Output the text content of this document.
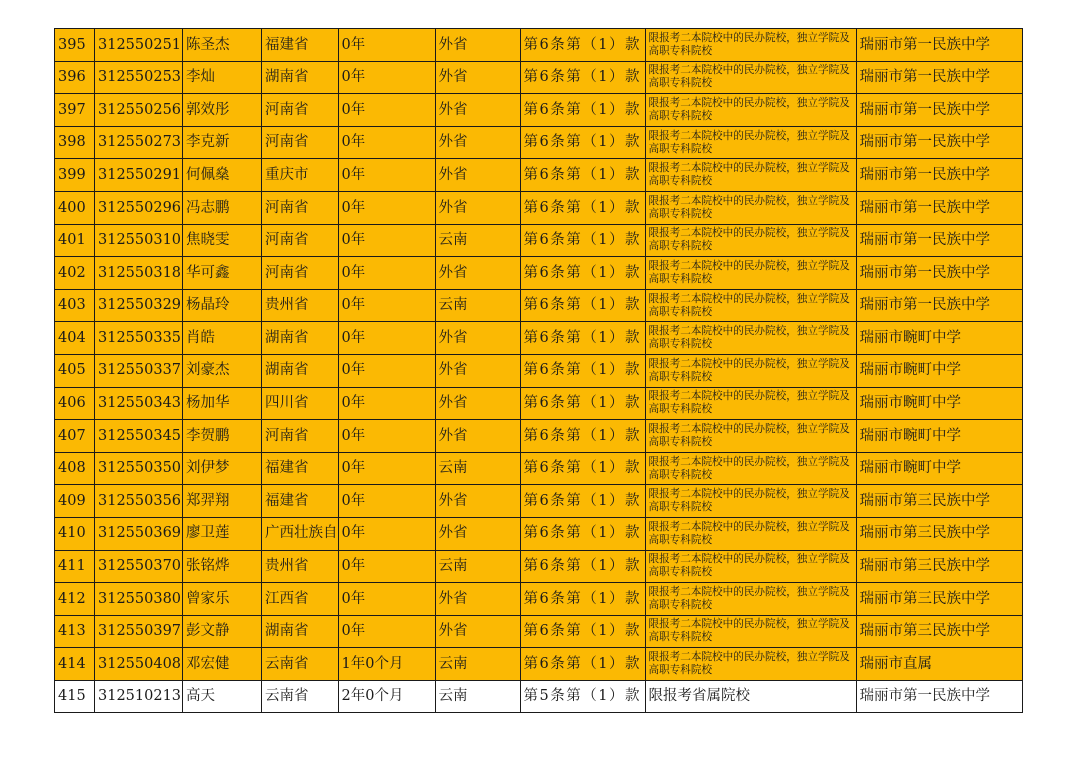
395	312550251	陈圣杰	福建省	0年	外省	第6条第（1）款	限报考二本院校中的民办院校，独立学院及高职专科院校	瑞丽市第一民族中学
396	312550253	李灿	湖南省	0年	外省	第6条第（1）款	限报考二本院校中的民办院校，独立学院及高职专科院校	瑞丽市第一民族中学
397	312550256	郭效彤	河南省	0年	外省	第6条第（1）款	限报考二本院校中的民办院校，独立学院及高职专科院校	瑞丽市第一民族中学
398	312550273	李克新	河南省	0年	外省	第6条第（1）款	限报考二本院校中的民办院校，独立学院及高职专科院校	瑞丽市第一民族中学
399	312550291	何佩燊	重庆市	0年	外省	第6条第（1）款	限报考二本院校中的民办院校，独立学院及高职专科院校	瑞丽市第一民族中学
400	312550296	冯志鹏	河南省	0年	外省	第6条第（1）款	限报考二本院校中的民办院校，独立学院及高职专科院校	瑞丽市第一民族中学
401	312550310	焦晓雯	河南省	0年	云南	第6条第（1）款	限报考二本院校中的民办院校，独立学院及高职专科院校	瑞丽市第一民族中学
402	312550318	华可鑫	河南省	0年	外省	第6条第（1）款	限报考二本院校中的民办院校，独立学院及高职专科院校	瑞丽市第一民族中学
403	312550329	杨晶玲	贵州省	0年	云南	第6条第（1）款	限报考二本院校中的民办院校，独立学院及高职专科院校	瑞丽市第一民族中学
404	312550335	肖皓	湖南省	0年	外省	第6条第（1）款	限报考二本院校中的民办院校，独立学院及高职专科院校	瑞丽市畹町中学
405	312550337	刘豪杰	湖南省	0年	外省	第6条第（1）款	限报考二本院校中的民办院校，独立学院及高职专科院校	瑞丽市畹町中学
406	312550343	杨加华	四川省	0年	外省	第6条第（1）款	限报考二本院校中的民办院校，独立学院及高职专科院校	瑞丽市畹町中学
407	312550345	李贺鹏	河南省	0年	外省	第6条第（1）款	限报考二本院校中的民办院校，独立学院及高职专科院校	瑞丽市畹町中学
408	312550350	刘伊梦	福建省	0年	云南	第6条第（1）款	限报考二本院校中的民办院校，独立学院及高职专科院校	瑞丽市畹町中学
409	312550356	郑羿翔	福建省	0年	外省	第6条第（1）款	限报考二本院校中的民办院校，独立学院及高职专科院校	瑞丽市第三民族中学
410	312550369	廖卫莲	广西壮族自	0年	外省	第6条第（1）款	限报考二本院校中的民办院校，独立学院及高职专科院校	瑞丽市第三民族中学
411	312550370	张铭烨	贵州省	0年	云南	第6条第（1）款	限报考二本院校中的民办院校，独立学院及高职专科院校	瑞丽市第三民族中学
412	312550380	曾家乐	江西省	0年	外省	第6条第（1）款	限报考二本院校中的民办院校，独立学院及高职专科院校	瑞丽市第三民族中学
413	312550397	彭文静	湖南省	0年	外省	第6条第（1）款	限报考二本院校中的民办院校，独立学院及高职专科院校	瑞丽市第三民族中学
414	312550408	邓宏健	云南省	1年0个月	云南	第6条第（1）款	限报考二本院校中的民办院校，独立学院及高职专科院校	瑞丽市直属
415	312510213	高天	云南省	2年0个月	云南	第5条第（1）款	限报考省属院校	瑞丽市第一民族中学
